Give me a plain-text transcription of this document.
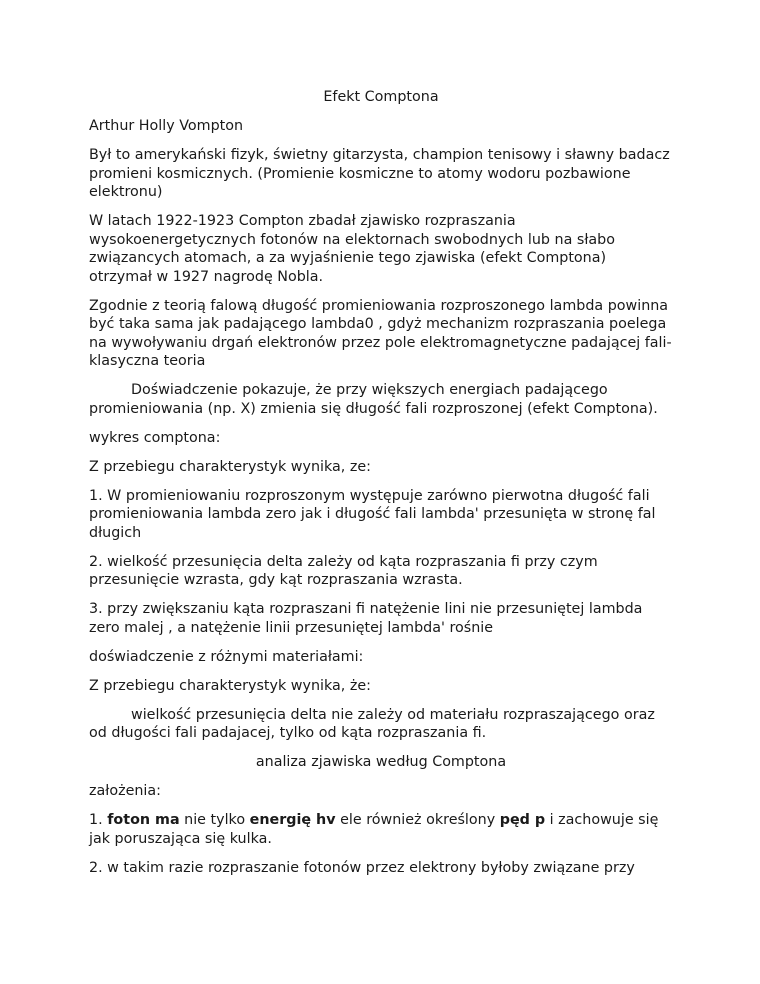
Efekt Comptona

Arthur Holly Vompton

Był to amerykański fizyk, świetny gitarzysta, champion tenisowy i sławny badacz promieni kosmicznych. (Promienie kosmiczne to atomy wodoru pozbawione elektronu)

W latach 1922-1923 Compton zbadał zjawisko rozpraszania wysokoenergetycznych fotonów na elektornach swobodnych lub na słabo związancych atomach, a za wyjaśnienie tego zjawiska (efekt Comptona) otrzymał w 1927 nagrodę Nobla.

Zgodnie z teorią falową długość promieniowania rozproszonego lambda powinna być taka sama jak padającego lambda0 , gdyż mechanizm rozpraszania poelega na wywoływaniu drgań elektronów przez pole elektromagnetyczne padającej fali- klasyczna teoria

Doświadczenie pokazuje, że przy większych energiach padającego promieniowania (np. X) zmienia się długość fali rozproszonej (efekt Comptona).

wykres comptona:

Z przebiegu charakterystyk wynika, ze:

1. W promieniowaniu rozproszonym występuje zarówno pierwotna długość fali promieniowania lambda zero jak i długość fali lambda' przesunięta w stronę fal długich

2. wielkość przesunięcia delta zależy od kąta rozpraszania fi przy czym przesunięcie wzrasta, gdy kąt rozpraszania wzrasta.

3. przy zwiększaniu kąta rozpraszani fi natężenie lini nie przesuniętej lambda zero malej , a natężenie linii przesuniętej lambda' rośnie

doświadczenie z różnymi materiałami:

Z przebiegu charakterystyk wynika, że:

wielkość przesunięcia delta nie zależy od materiału rozpraszającego oraz od długości fali padajacej, tylko od kąta rozpraszania fi.

analiza zjawiska według Comptona

założenia:

1. foton ma nie tylko energię hv ele również określony pęd p i zachowuje się jak poruszająca się kulka.

2. w takim razie rozpraszanie fotonów przez elektrony byłoby związane przy
